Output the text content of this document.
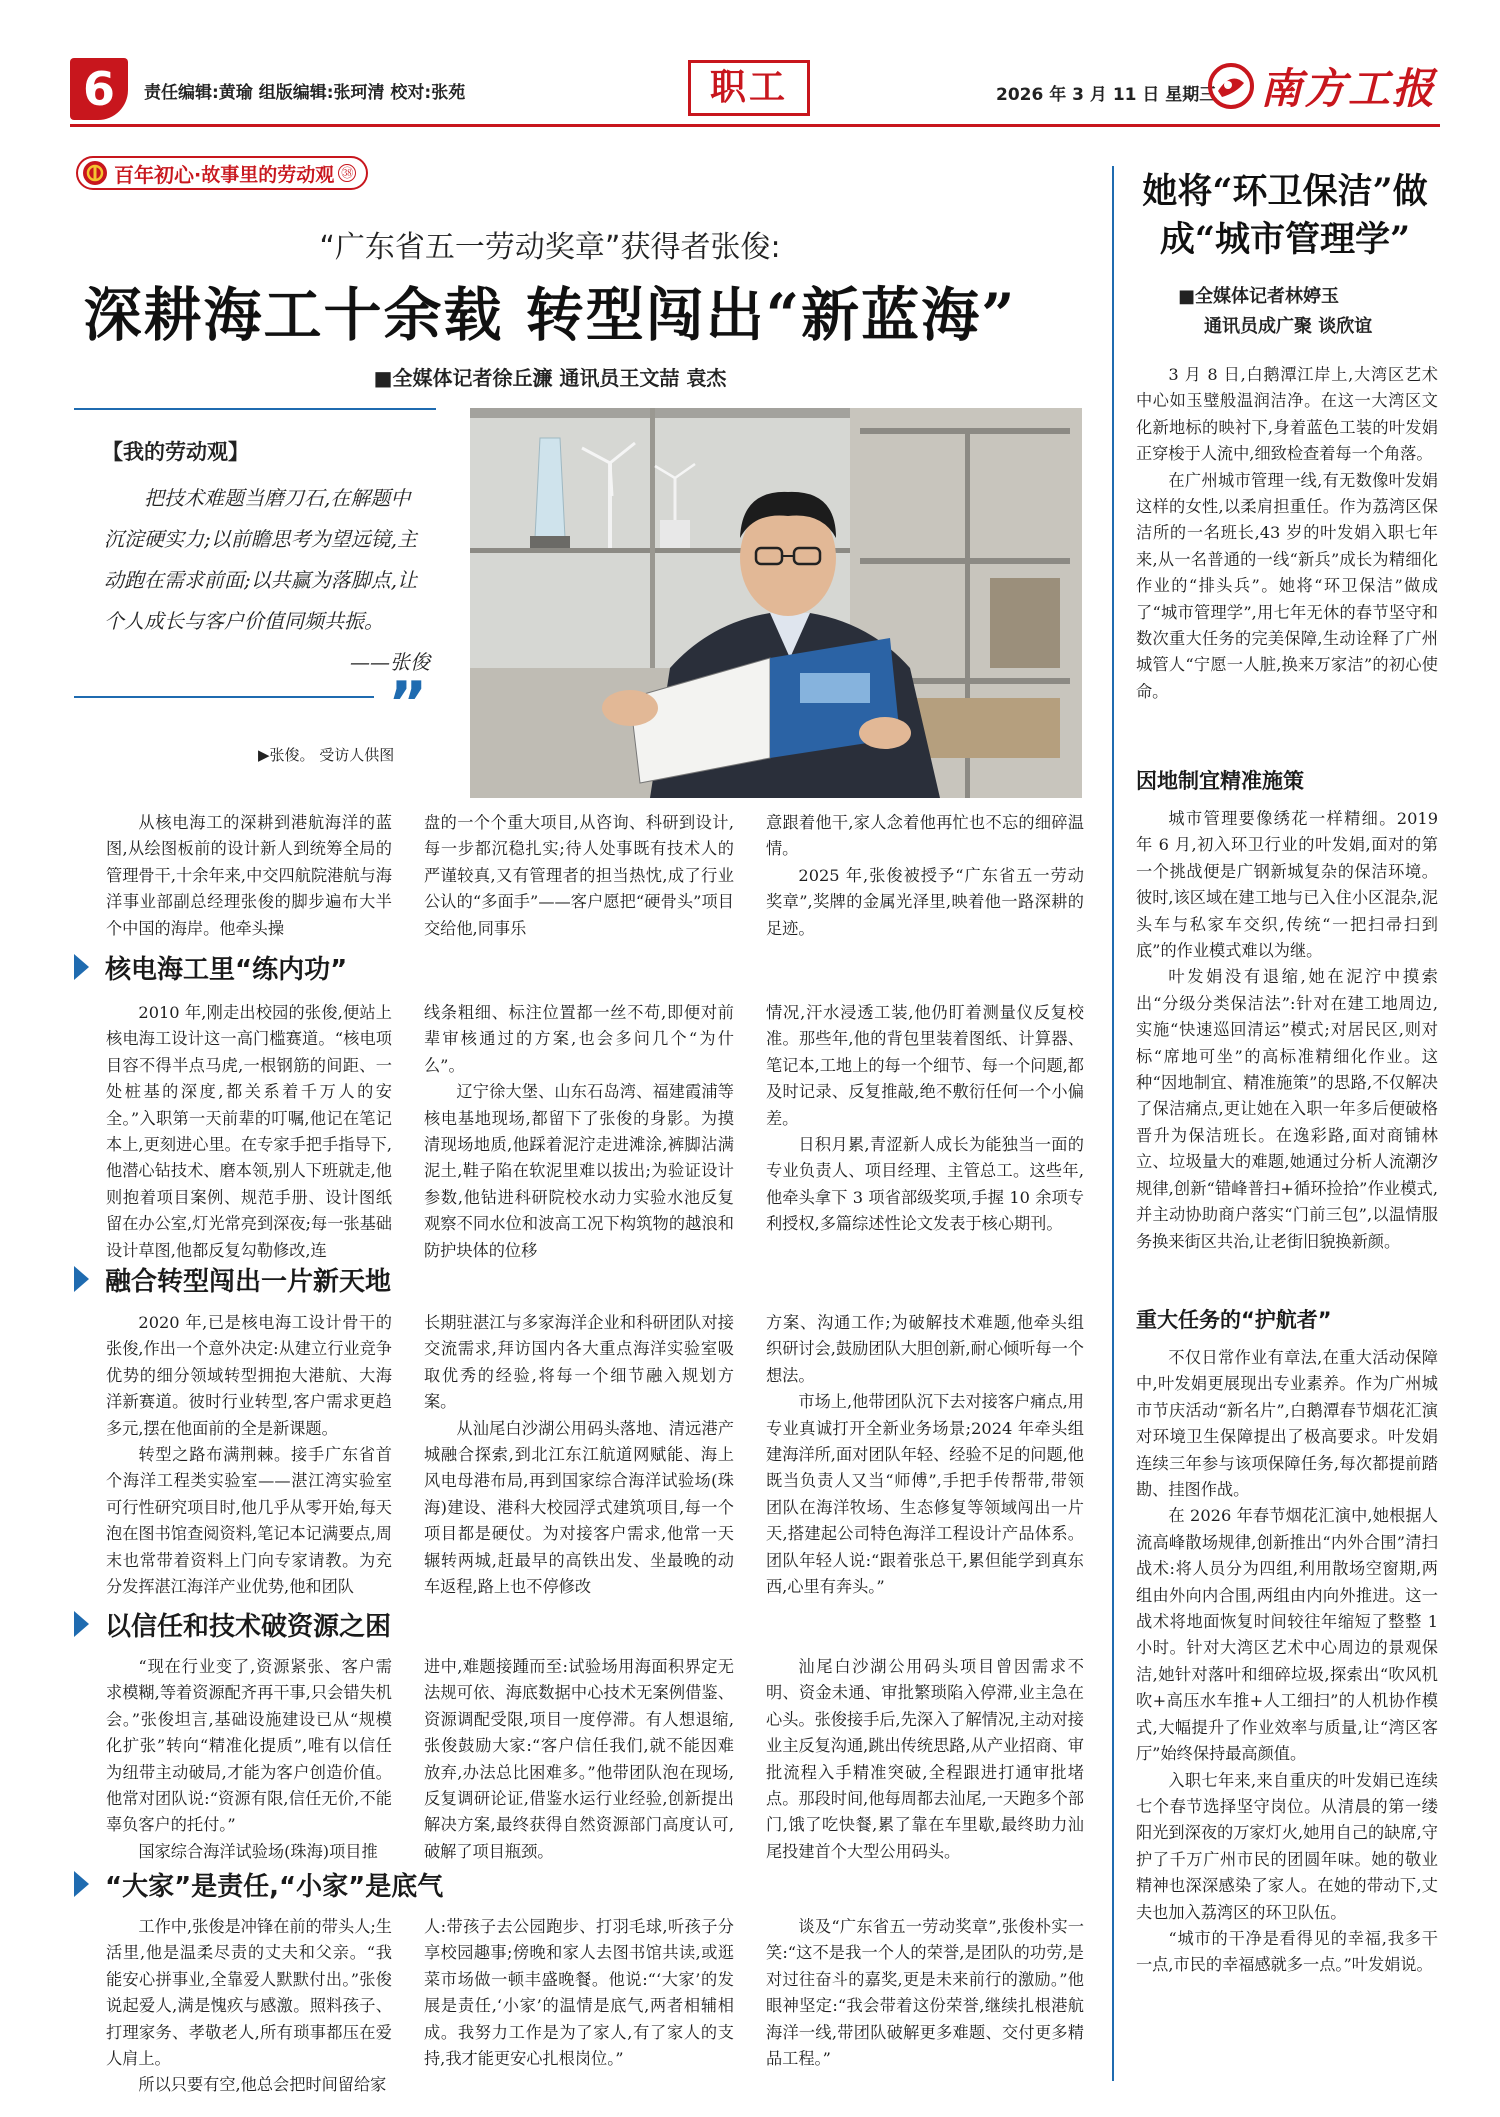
6	责任编辑:黄瑜 组版编辑:张珂清 校对:张苑	职工	2026 年 3 月 11 日 星期三 南方工报
百年初心 ·故事里的劳动观 ㊳
“广东省五一劳动奖章”获得者张俊:
深耕海工十余载 转型闯出“新蓝海”
■全媒体记者徐丘濂 通讯员王文喆 袁杰
【我的劳动观】
把技术难题当磨刀石,在解题中沉淀硬实力;以前瞻思考为望远镜,主动跑在需求前面;以共赢为落脚点,让个人成长与客户价值同频共振。
——张俊
”
▶张俊。 受访人供图

从核电海工的深耕到港航海洋的蓝图,从绘图板前的设计新人到统筹全局的管理骨干,十余年来,中交四航院港航与海洋事业部副总经理张俊的脚步遍布大半个中国的海岸。他牵头操

盘的一个个重大项目,从咨询、科研到设计,每一步都沉稳扎实;待人处事既有技术人的严谨较真,又有管理者的担当热忱,成了行业公认的“多面手”——客户愿把“硬骨头”项目交给他,同事乐

意跟着他干,家人念着他再忙也不忘的细碎温情。

2025 年,张俊被授予“广东省五一劳动奖章”,奖牌的金属光泽里,映着他一路深耕的足迹。

核电海工里“练内功”

2010 年,刚走出校园的张俊,便站上核电海工设计这一高门槛赛道。“核电项目容不得半点马虎,一根钢筋的间距、一处桩基的深度,都关系着千万人的安全。”入职第一天前辈的叮嘱,他记在笔记本上,更刻进心里。在专家手把手指导下,他潜心钻技术、磨本领,别人下班就走,他则抱着项目案例、规范手册、设计图纸留在办公室,灯光常亮到深夜;每一张基础设计草图,他都反复勾勒修改,连

线条粗细、标注位置都一丝不苟,即便对前辈审核通过的方案,也会多问几个“为什么”。

辽宁徐大堡、山东石岛湾、福建霞浦等核电基地现场,都留下了张俊的身影。为摸清现场地质,他踩着泥泞走进滩涂,裤脚沾满泥土,鞋子陷在软泥里难以拔出;为验证设计参数,他钻进科研院校水动力实验水池反复观察不同水位和波高工况下构筑物的越浪和防护块体的位移

情况,汗水浸透工装,他仍盯着测量仪反复校准。那些年,他的背包里装着图纸、计算器、笔记本,工地上的每一个细节、每一个问题,都及时记录、反复推敲,绝不敷衍任何一个小偏差。

日积月累,青涩新人成长为能独当一面的专业负责人、项目经理、主管总工。这些年,他牵头拿下 3 项省部级奖项,手握 10 余项专利授权,多篇综述性论文发表于核心期刊。

融合转型闯出一片新天地

2020 年,已是核电海工设计骨干的张俊,作出一个意外决定:从建立行业竞争优势的细分领域转型拥抱大港航、大海洋新赛道。彼时行业转型,客户需求更趋多元,摆在他面前的全是新课题。

转型之路布满荆棘。接手广东省首个海洋工程类实验室——湛江湾实验室可行性研究项目时,他几乎从零开始,每天泡在图书馆查阅资料,笔记本记满要点,周末也常带着资料上门向专家请教。为充分发挥湛江海洋产业优势,他和团队

长期驻湛江与多家海洋企业和科研团队对接交流需求,拜访国内各大重点海洋实验室吸取优秀的经验,将每一个细节融入规划方案。

从汕尾白沙湖公用码头落地、清远港产城融合探索,到北江东江航道网赋能、海上风电母港布局,再到国家综合海洋试验场(珠海)建设、港科大校园浮式建筑项目,每一个项目都是硬仗。为对接客户需求,他常一天辗转两城,赶最早的高铁出发、坐最晚的动车返程,路上也不停修改

方案、沟通工作;为破解技术难题,他牵头组织研讨会,鼓励团队大胆创新,耐心倾听每一个想法。

市场上,他带团队沉下去对接客户痛点,用专业真诚打开全新业务场景;2024 年牵头组建海洋所,面对团队年轻、经验不足的问题,他既当负责人又当“师傅”,手把手传帮带,带领团队在海洋牧场、生态修复等领域闯出一片天,搭建起公司特色海洋工程设计产品体系。团队年轻人说:“跟着张总干,累但能学到真东西,心里有奔头。”

以信任和技术破资源之困

“现在行业变了,资源紧张、客户需求模糊,等着资源配齐再干事,只会错失机会。”张俊坦言,基础设施建设已从“规模化扩张”转向“精准化提质”,唯有以信任为纽带主动破局,才能为客户创造价值。他常对团队说:“资源有限,信任无价,不能辜负客户的托付。”

国家综合海洋试验场(珠海)项目推

进中,难题接踵而至:试验场用海面积界定无法规可依、海底数据中心技术无案例借鉴、资源调配受限,项目一度停滞。有人想退缩,张俊鼓励大家:“客户信任我们,就不能因难放弃,办法总比困难多。”他带团队泡在现场,反复调研论证,借鉴水运行业经验,创新提出解决方案,最终获得自然资源部门高度认可,破解了项目瓶颈。

汕尾白沙湖公用码头项目曾因需求不明、资金未通、审批繁琐陷入停滞,业主急在心头。张俊接手后,先深入了解情况,主动对接业主反复沟通,跳出传统思路,从产业招商、审批流程入手精准突破,全程跟进打通审批堵点。那段时间,他每周都去汕尾,一天跑多个部门,饿了吃快餐,累了靠在车里歇,最终助力汕尾投建首个大型公用码头。

“大家”是责任,“小家”是底气

工作中,张俊是冲锋在前的带头人;生活里,他是温柔尽责的丈夫和父亲。“我能安心拼事业,全靠爱人默默付出。”张俊说起爱人,满是愧疚与感激。照料孩子、打理家务、孝敬老人,所有琐事都压在爱人肩上。

所以只要有空,他总会把时间留给家

人:带孩子去公园跑步、打羽毛球,听孩子分享校园趣事;傍晚和家人去图书馆共读,或逛菜市场做一顿丰盛晚餐。他说:“‘大家’的发展是责任,‘小家’的温情是底气,两者相辅相成。我努力工作是为了家人,有了家人的支持,我才能更安心扎根岗位。”

谈及“广东省五一劳动奖章”,张俊朴实一笑:“这不是我一个人的荣誉,是团队的功劳,是对过往奋斗的嘉奖,更是未来前行的激励。”他眼神坚定:“我会带着这份荣誉,继续扎根港航海洋一线,带团队破解更多难题、交付更多精品工程。”

她将“环卫保洁”做成“城市管理学”
■全媒体记者林婷玉
通讯员成广聚 谈欣谊

3 月 8 日,白鹅潭江岸上,大湾区艺术中心如玉璧般温润洁净。在这一大湾区文化新地标的映衬下,身着蓝色工装的叶发娟正穿梭于人流中,细致检查着每一个角落。

在广州城市管理一线,有无数像叶发娟这样的女性,以柔肩担重任。作为荔湾区保洁所的一名班长,43 岁的叶发娟入职七年来,从一名普通的一线“新兵”成长为精细化作业的“排头兵”。她将“环卫保洁”做成了“城市管理学”,用七年无休的春节坚守和数次重大任务的完美保障,生动诠释了广州城管人“宁愿一人脏,换来万家洁”的初心使命。

因地制宜精准施策

城市管理要像绣花一样精细。2019 年 6 月,初入环卫行业的叶发娟,面对的第一个挑战便是广钢新城复杂的保洁环境。彼时,该区域在建工地与已入住小区混杂,泥头车与私家车交织,传统“一把扫帚扫到底”的作业模式难以为继。

叶发娟没有退缩,她在泥泞中摸索出“分级分类保洁法”:针对在建工地周边,实施“快速巡回清运”模式;对居民区,则对标“席地可坐”的高标准精细化作业。这种“因地制宜、精准施策”的思路,不仅解决了保洁痛点,更让她在入职一年多后便破格晋升为保洁班长。在逸彩路,面对商铺林立、垃圾量大的难题,她通过分析人流潮汐规律,创新“错峰普扫+循环捡拾”作业模式,并主动协助商户落实“门前三包”,以温情服务换来街区共治,让老街旧貌换新颜。

重大任务的“护航者”

不仅日常作业有章法,在重大活动保障中,叶发娟更展现出专业素养。作为广州城市节庆活动“新名片”,白鹅潭春节烟花汇演对环境卫生保障提出了极高要求。叶发娟连续三年参与该项保障任务,每次都提前踏勘、挂图作战。

在 2026 年春节烟花汇演中,她根据人流高峰散场规律,创新推出“内外合围”清扫战术:将人员分为四组,利用散场空窗期,两组由外向内合围,两组由内向外推进。这一战术将地面恢复时间较往年缩短了整整 1 小时。针对大湾区艺术中心周边的景观保洁,她针对落叶和细碎垃圾,探索出“吹风机吹+高压水车推+人工细扫”的人机协作模式,大幅提升了作业效率与质量,让“湾区客厅”始终保持最高颜值。

入职七年来,来自重庆的叶发娟已连续七个春节选择坚守岗位。从清晨的第一缕阳光到深夜的万家灯火,她用自己的缺席,守护了千万广州市民的团圆年味。她的敬业精神也深深感染了家人。在她的带动下,丈夫也加入荔湾区的环卫队伍。

“城市的干净是看得见的幸福,我多干一点,市民的幸福感就多一点。”叶发娟说。
